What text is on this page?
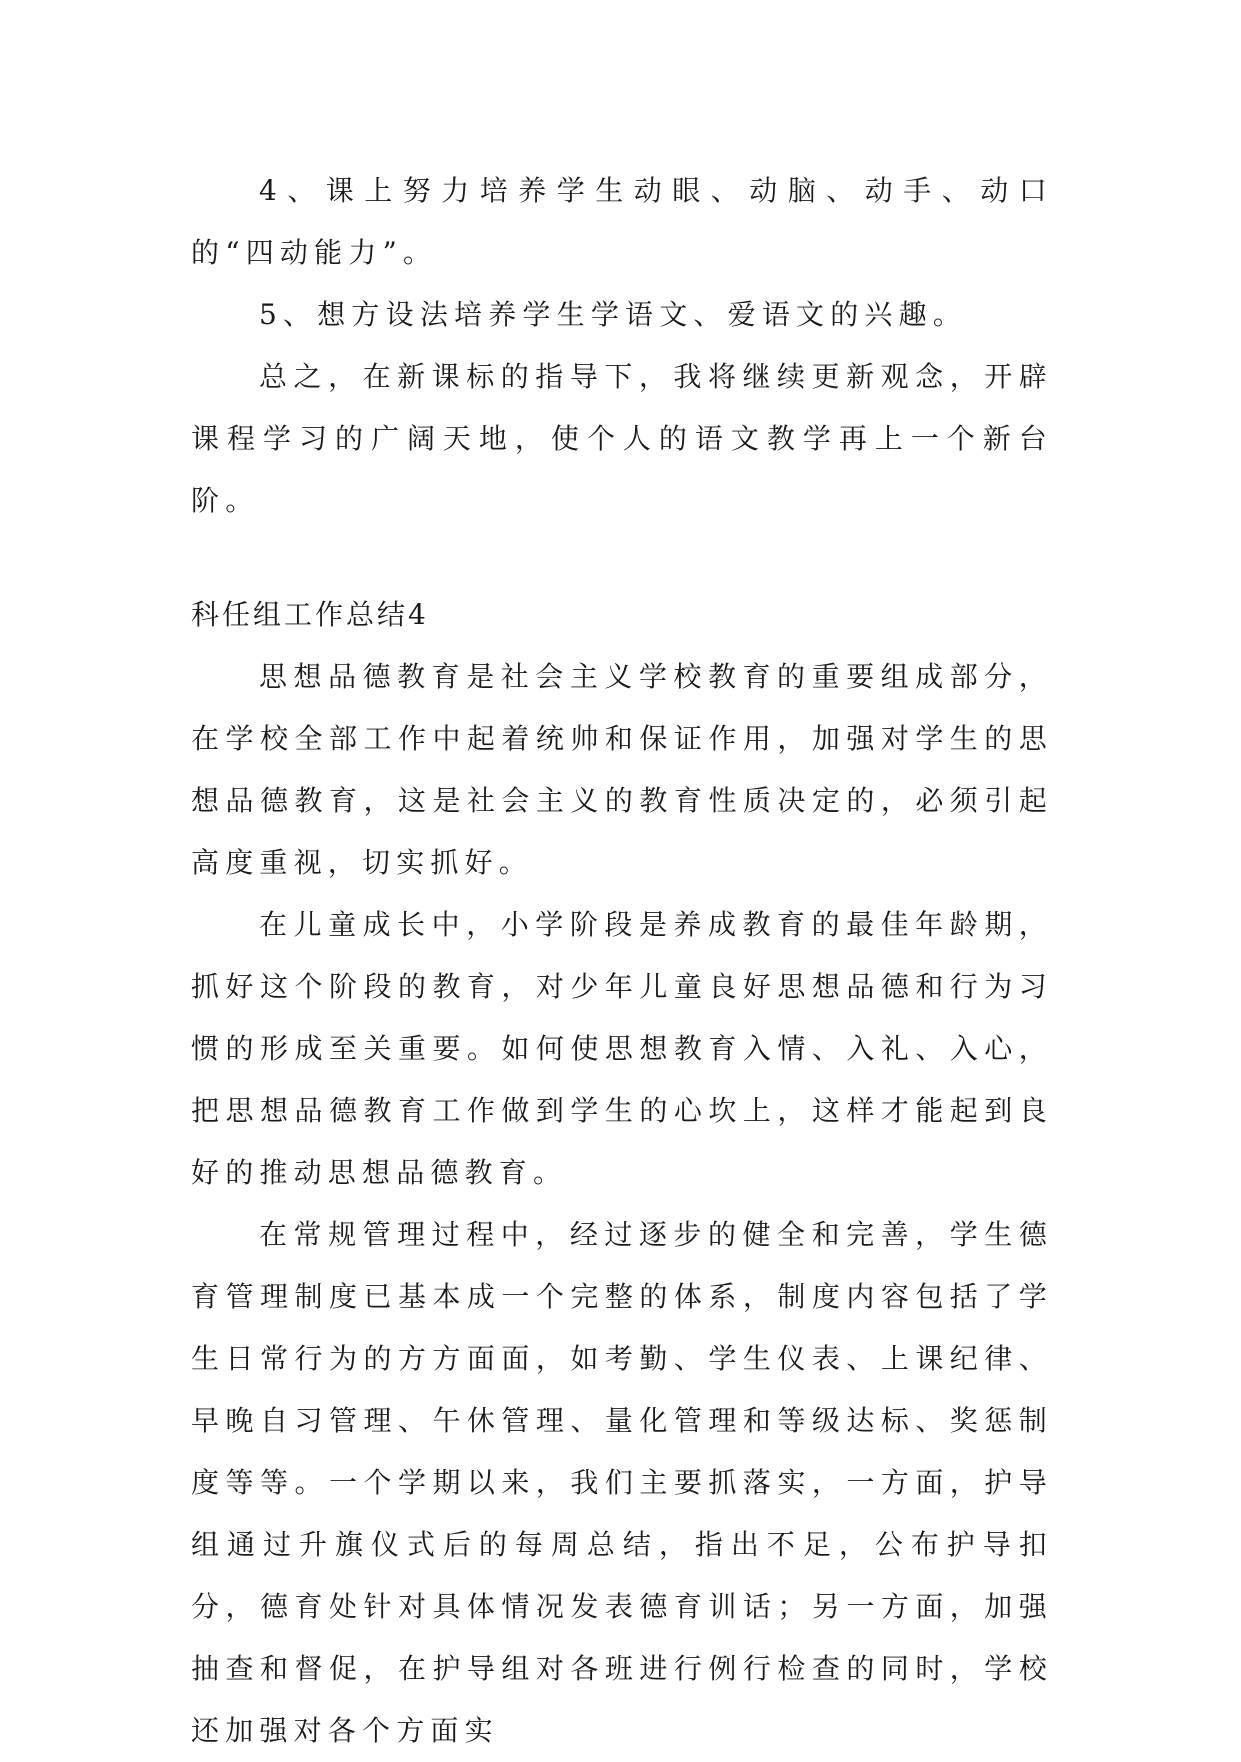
4、课上努力培养学生动眼、动脑、动手、动口的“四动能力”。

5、想方设法培养学生学语文、爱语文的兴趣。

总之，在新课标的指导下，我将继续更新观念，开辟课程学习的广阔天地，使个人的语文教学再上一个新台阶。

科任组工作总结4

思想品德教育是社会主义学校教育的重要组成部分，在学校全部工作中起着统帅和保证作用，加强对学生的思想品德教育，这是社会主义的教育性质决定的，必须引起高度重视，切实抓好。

在儿童成长中，小学阶段是养成教育的最佳年龄期，抓好这个阶段的教育，对少年儿童良好思想品德和行为习惯的形成至关重要。如何使思想教育入情、入礼、入心，把思想品德教育工作做到学生的心坎上，这样才能起到良好的推动思想品德教育。

在常规管理过程中，经过逐步的健全和完善，学生德育管理制度已基本成一个完整的体系，制度内容包括了学生日常行为的方方面面，如考勤、学生仪表、上课纪律、早晚自习管理、午休管理、量化管理和等级达标、奖惩制度等等。一个学期以来，我们主要抓落实，一方面，护导组通过升旗仪式后的每周总结，指出不足，公布护导扣分，德育处针对具体情况发表德育训话；另一方面，加强抽查和督促，在护导组对各班进行例行检查的同时，学校还加强对各个方面实
